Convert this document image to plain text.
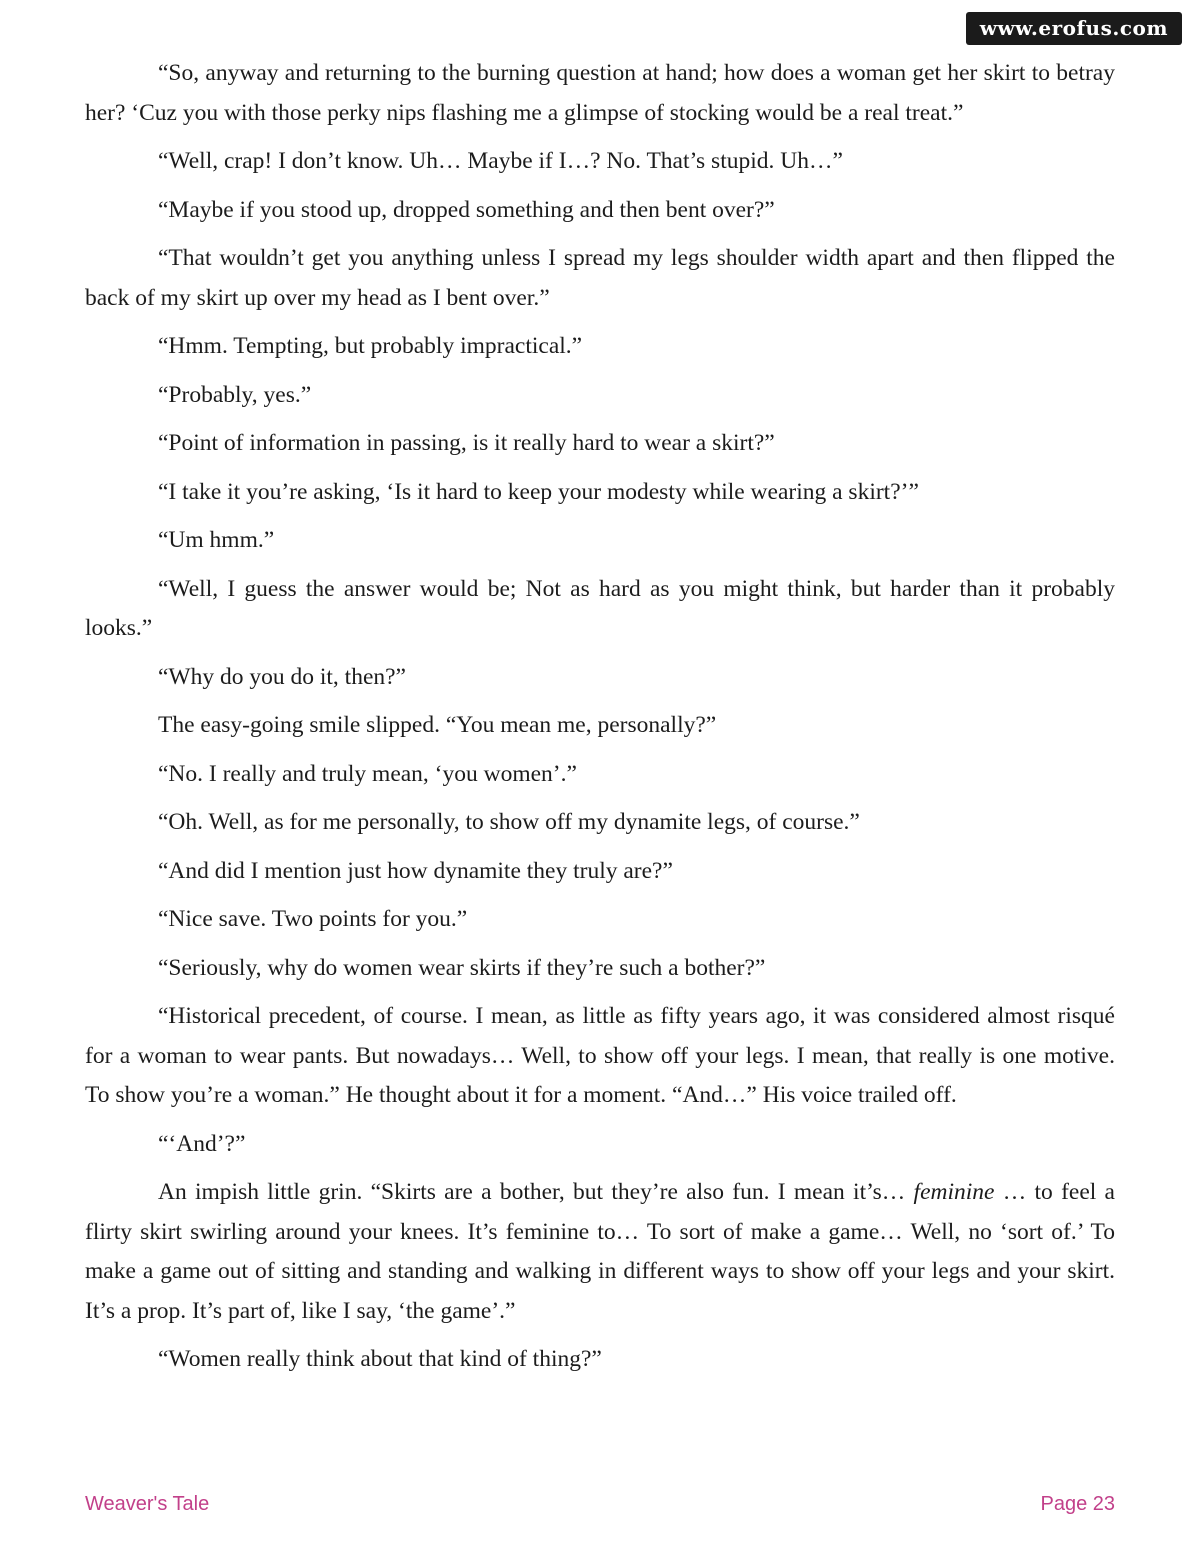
www.erofus.com

“So, anyway and returning to the burning question at hand; how does a woman get her skirt to betray her? ‘Cuz you with those perky nips flashing me a glimpse of stocking would be a real treat.”

“Well, crap! I don’t know. Uh… Maybe if I…? No. That’s stupid. Uh…”

“Maybe if you stood up, dropped something and then bent over?”

“That wouldn’t get you anything unless I spread my legs shoulder width apart and then flipped the back of my skirt up over my head as I bent over.”

“Hmm. Tempting, but probably impractical.”

“Probably, yes.”

“Point of information in passing, is it really hard to wear a skirt?”

“I take it you’re asking, ‘Is it hard to keep your modesty while wearing a skirt?’”

“Um hmm.”

“Well, I guess the answer would be; Not as hard as you might think, but harder than it probably looks.”

“Why do you do it, then?”

The easy-going smile slipped. “You mean me, personally?”

“No. I really and truly mean, ‘you women’.”

“Oh. Well, as for me personally, to show off my dynamite legs, of course.”

“And did I mention just how dynamite they truly are?”

“Nice save. Two points for you.”

“Seriously, why do women wear skirts if they’re such a bother?”

“Historical precedent, of course. I mean, as little as fifty years ago, it was considered almost risqué for a woman to wear pants. But nowadays… Well, to show off your legs. I mean, that really is one motive. To show you’re a woman.” He thought about it for a moment. “And…” His voice trailed off.

“‘And’?”

An impish little grin. “Skirts are a bother, but they’re also fun. I mean it’s… feminine … to feel a flirty skirt swirling around your knees. It’s feminine to… To sort of make a game… Well, no ‘sort of.’ To make a game out of sitting and standing and walking in different ways to show off your legs and your skirt. It’s a prop. It’s part of, like I say, ‘the game’.”

“Women really think about that kind of thing?”

Weaver's Tale	Page 23
